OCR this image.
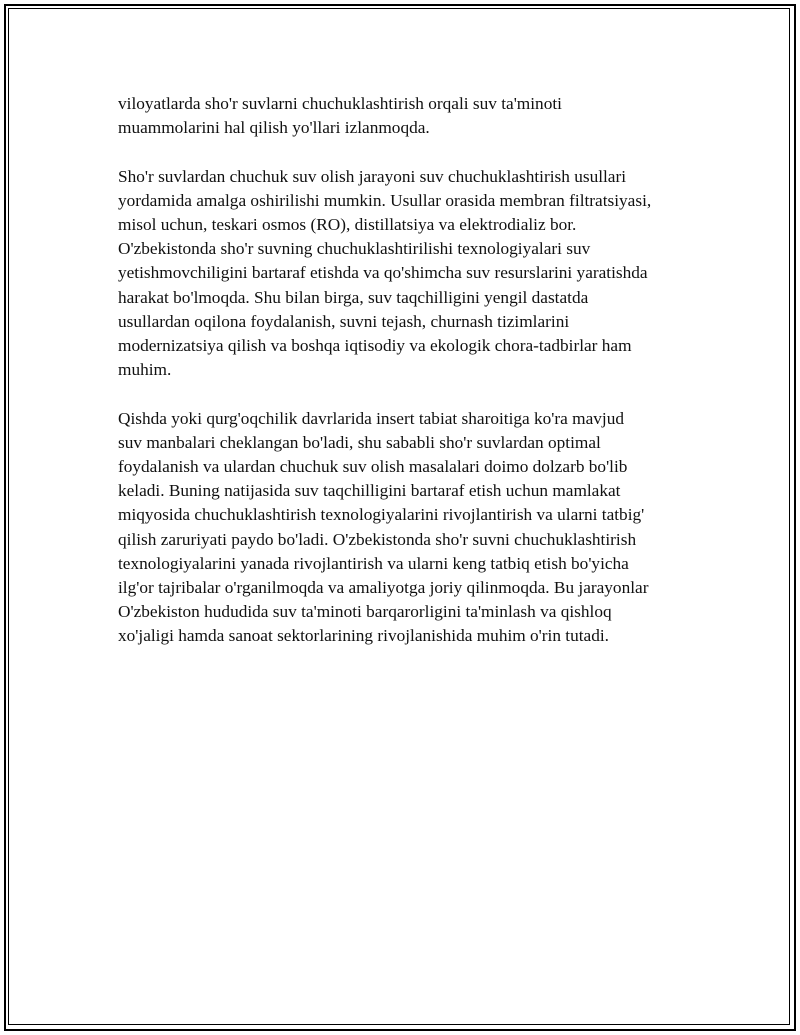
viloyatlarda sho'r suvlarni chuchuklashtirish orqali suv ta'minoti
muammolarini hal qilish yo'llari izlanmoqda.

Sho'r suvlardan chuchuk suv olish jarayoni suv chuchuklashtirish usullari
yordamida amalga oshirilishi mumkin. Usullar orasida membran filtratsiyasi,
misol uchun, teskari osmos (RO), distillatsiya va elektrodializ bor.
O'zbekistonda sho'r suvning chuchuklashtirilishi texnologiyalari suv
yetishmovchiligini bartaraf etishda va qo'shimcha suv resurslarini yaratishda
harakat bo'lmoqda. Shu bilan birga, suv taqchilligini yengil dastatda
usullardan oqilona foydalanish, suvni tejash, churnash tizimlarini
modernizatsiya qilish va boshqa iqtisodiy va ekologik chora-tadbirlar ham
muhim.

Qishda yoki qurg'oqchilik davrlarida insert tabiat sharoitiga ko'ra mavjud
suv manbalari cheklangan bo'ladi, shu sababli sho'r suvlardan optimal
foydalanish va ulardan chuchuk suv olish masalalari doimo dolzarb bo'lib
keladi. Buning natijasida suv taqchilligini bartaraf etish uchun mamlakat
miqyosida chuchuklashtirish texnologiyalarini rivojlantirish va ularni tatbig'
qilish zaruriyati paydo bo'ladi. O'zbekistonda sho'r suvni chuchuklashtirish
texnologiyalarini yanada rivojlantirish va ularni keng tatbiq etish bo'yicha
ilg'or tajribalar o'rganilmoqda va amaliyotga joriy qilinmoqda. Bu jarayonlar
O'zbekiston hududida suv ta'minoti barqarorligini ta'minlash va qishloq
xo'jaligi hamda sanoat sektorlarining rivojlanishida muhim o'rin tutadi.
